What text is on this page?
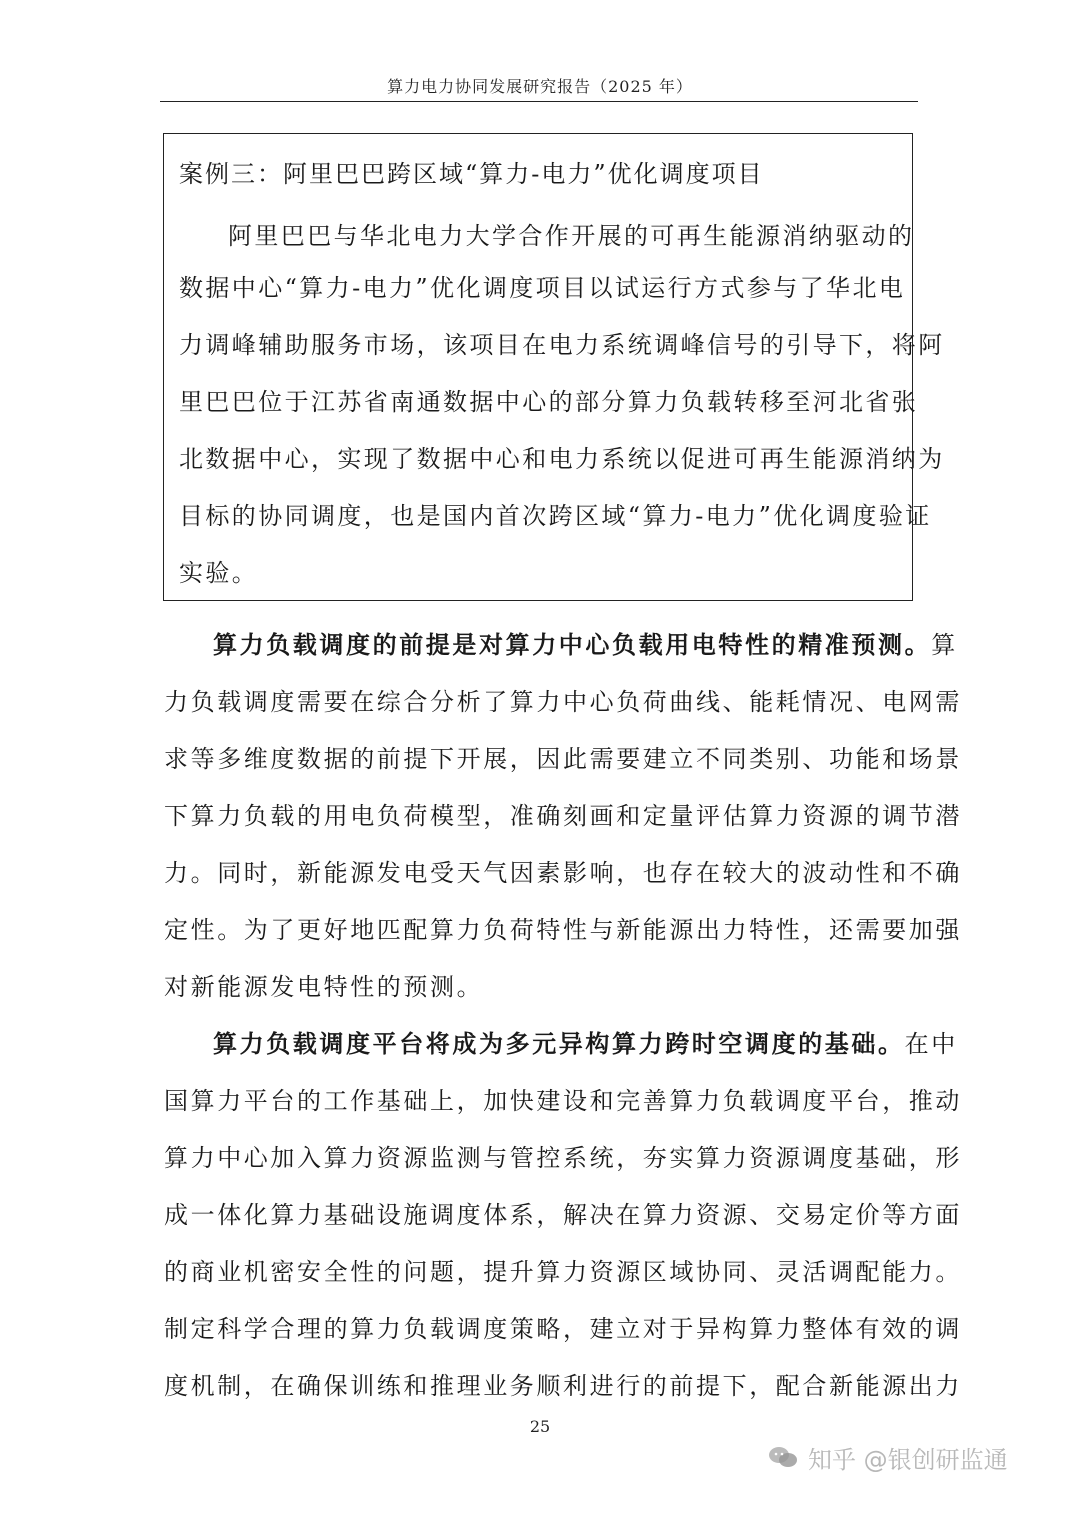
算力电力协同发展研究报告（2025 年）
案例三：阿里巴巴跨区域“算力-电力”优化调度项目
阿里巴巴与华北电力大学合作开展的可再生能源消纳驱动的
数据中心“算力-电力”优化调度项目以试运行方式参与了华北电
力调峰辅助服务市场，该项目在电力系统调峰信号的引导下，将阿
里巴巴位于江苏省南通数据中心的部分算力负载转移至河北省张
北数据中心，实现了数据中心和电力系统以促进可再生能源消纳为
目标的协同调度，也是国内首次跨区域“算力-电力”优化调度验证
实验。
算力负载调度的前提是对算力中心负载用电特性的精准预测。算
力负载调度需要在综合分析了算力中心负荷曲线、能耗情况、电网需
求等多维度数据的前提下开展，因此需要建立不同类别、功能和场景
下算力负载的用电负荷模型，准确刻画和定量评估算力资源的调节潜
力。同时，新能源发电受天气因素影响，也存在较大的波动性和不确
定性。为了更好地匹配算力负荷特性与新能源出力特性，还需要加强
对新能源发电特性的预测。
算力负载调度平台将成为多元异构算力跨时空调度的基础。在中
国算力平台的工作基础上，加快建设和完善算力负载调度平台，推动
算力中心加入算力资源监测与管控系统，夯实算力资源调度基础，形
成一体化算力基础设施调度体系，解决在算力资源、交易定价等方面
的商业机密安全性的问题，提升算力资源区域协同、灵活调配能力。
制定科学合理的算力负载调度策略，建立对于异构算力整体有效的调
度机制，在确保训练和推理业务顺利进行的前提下，配合新能源出力
25
知乎 @银创研监通
